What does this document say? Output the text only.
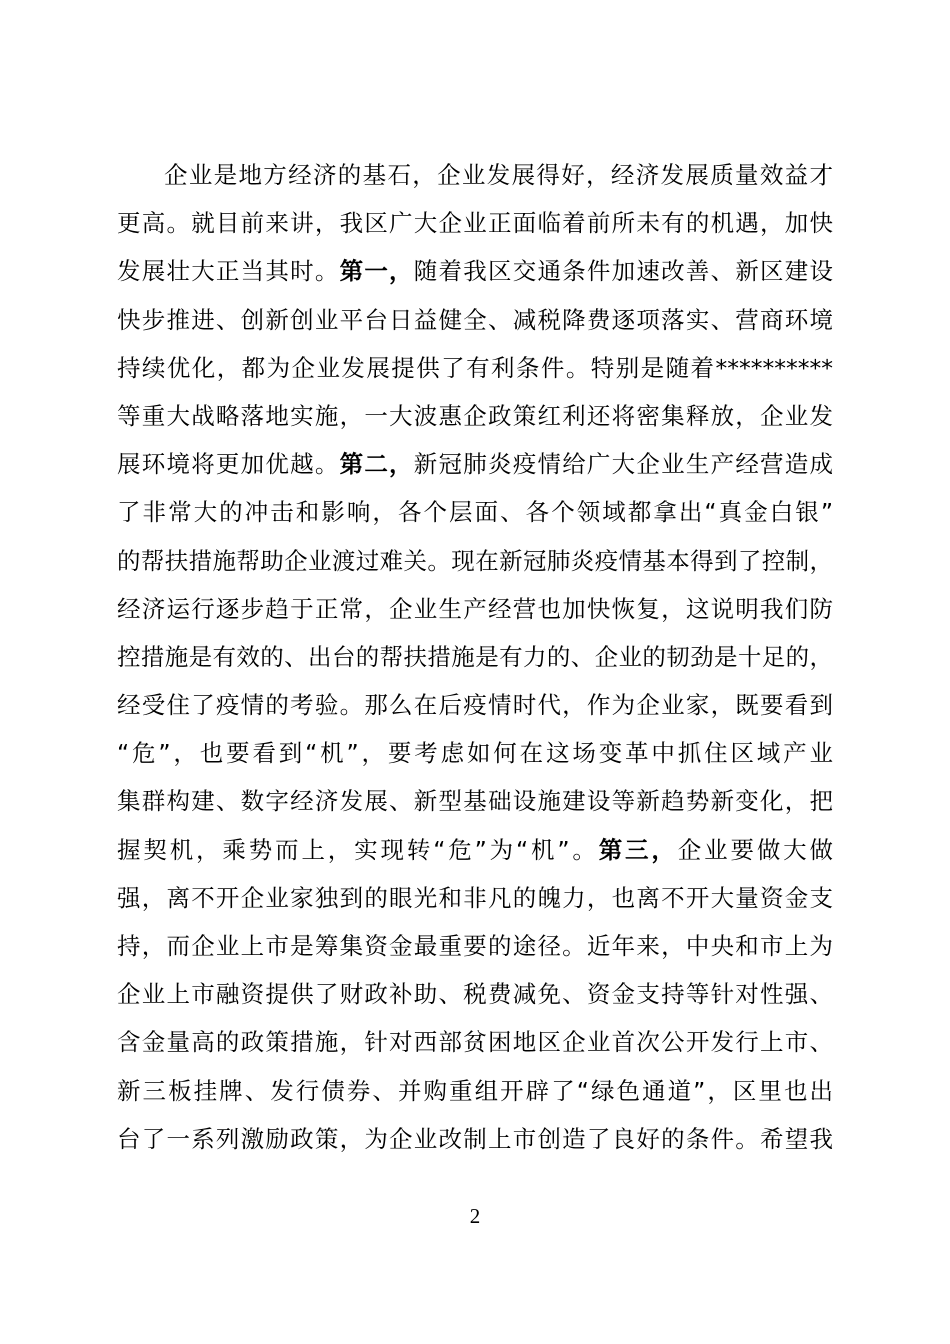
企业是地方经济的基石，企业发展得好，经济发展质量效益才
更高。就目前来讲，我区广大企业正面临着前所未有的机遇，加快
发展壮大正当其时。第一，随着我区交通条件加速改善、新区建设
快步推进、创新创业平台日益健全、减税降费逐项落实、营商环境
持续优化，都为企业发展提供了有利条件。特别是随着**********
等重大战略落地实施，一大波惠企政策红利还将密集释放，企业发
展环境将更加优越。第二，新冠肺炎疫情给广大企业生产经营造成
了非常大的冲击和影响，各个层面、各个领域都拿出“真金白银”
的帮扶措施帮助企业渡过难关。现在新冠肺炎疫情基本得到了控制，
经济运行逐步趋于正常，企业生产经营也加快恢复，这说明我们防
控措施是有效的、出台的帮扶措施是有力的、企业的韧劲是十足的，
经受住了疫情的考验。那么在后疫情时代，作为企业家，既要看到
“危”，也要看到“机”，要考虑如何在这场变革中抓住区域产业
集群构建、数字经济发展、新型基础设施建设等新趋势新变化，把
握契机，乘势而上，实现转“危”为“机”。第三，企业要做大做
强，离不开企业家独到的眼光和非凡的魄力，也离不开大量资金支
持，而企业上市是筹集资金最重要的途径。近年来，中央和市上为
企业上市融资提供了财政补助、税费减免、资金支持等针对性强、
含金量高的政策措施，针对西部贫困地区企业首次公开发行上市、
新三板挂牌、发行债券、并购重组开辟了“绿色通道”，区里也出
台了一系列激励政策，为企业改制上市创造了良好的条件。希望我
2
